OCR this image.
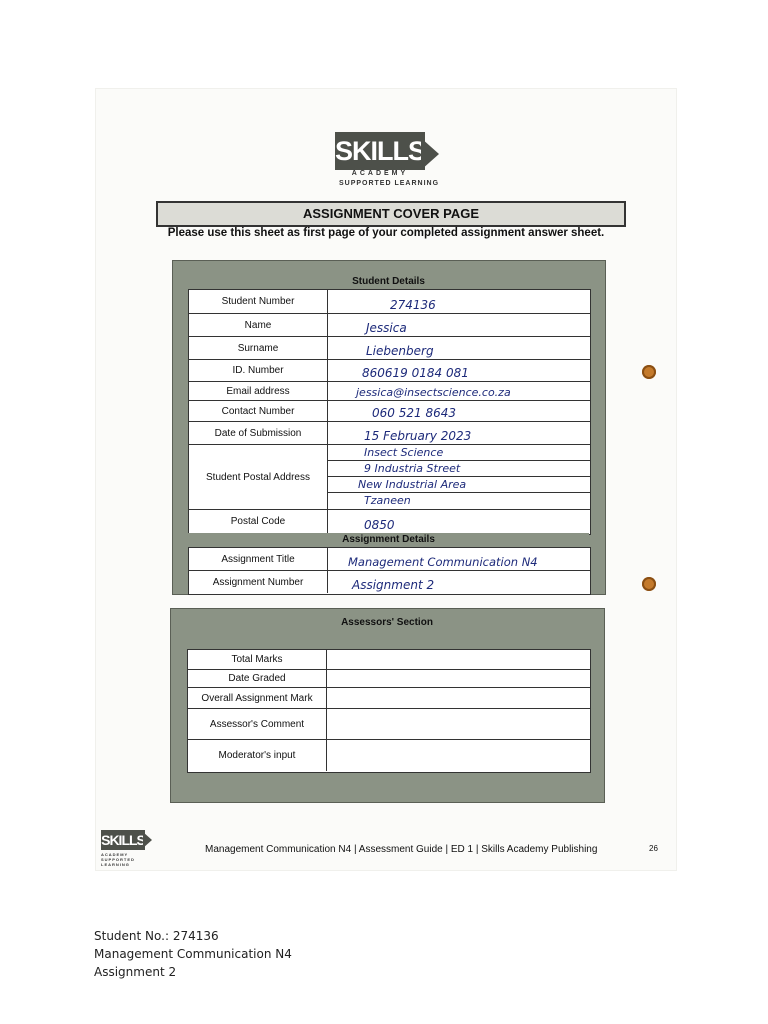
SKILLS
ACADEMY
SUPPORTED LEARNING
ASSIGNMENT COVER PAGE
Please use this sheet as first page of your completed assignment answer sheet.
Student Details
Student Number	274136
Name	Jessica
Surname	Liebenberg
ID. Number	860619 0184 081
Email address	jessica@insectscience.co.za
Contact Number	060 521 8643
Date of Submission	15 February 2023
Student Postal Address
Insect Science
9 Industria Street
New Industrial Area
Tzaneen
Postal Code	0850
Assignment Details
Assignment Title	Management Communication N4
Assignment Number	Assignment 2
Assessors' Section
Total Marks
Date Graded
Overall Assignment Mark
Assessor's Comment
Moderator's input
SKILLS
ACADEMY SUPPORTED LEARNING
Management Communication N4 | Assessment Guide | ED 1 | Skills Academy Publishing	26
Student No.: 274136
Management Communication N4
Assignment 2
